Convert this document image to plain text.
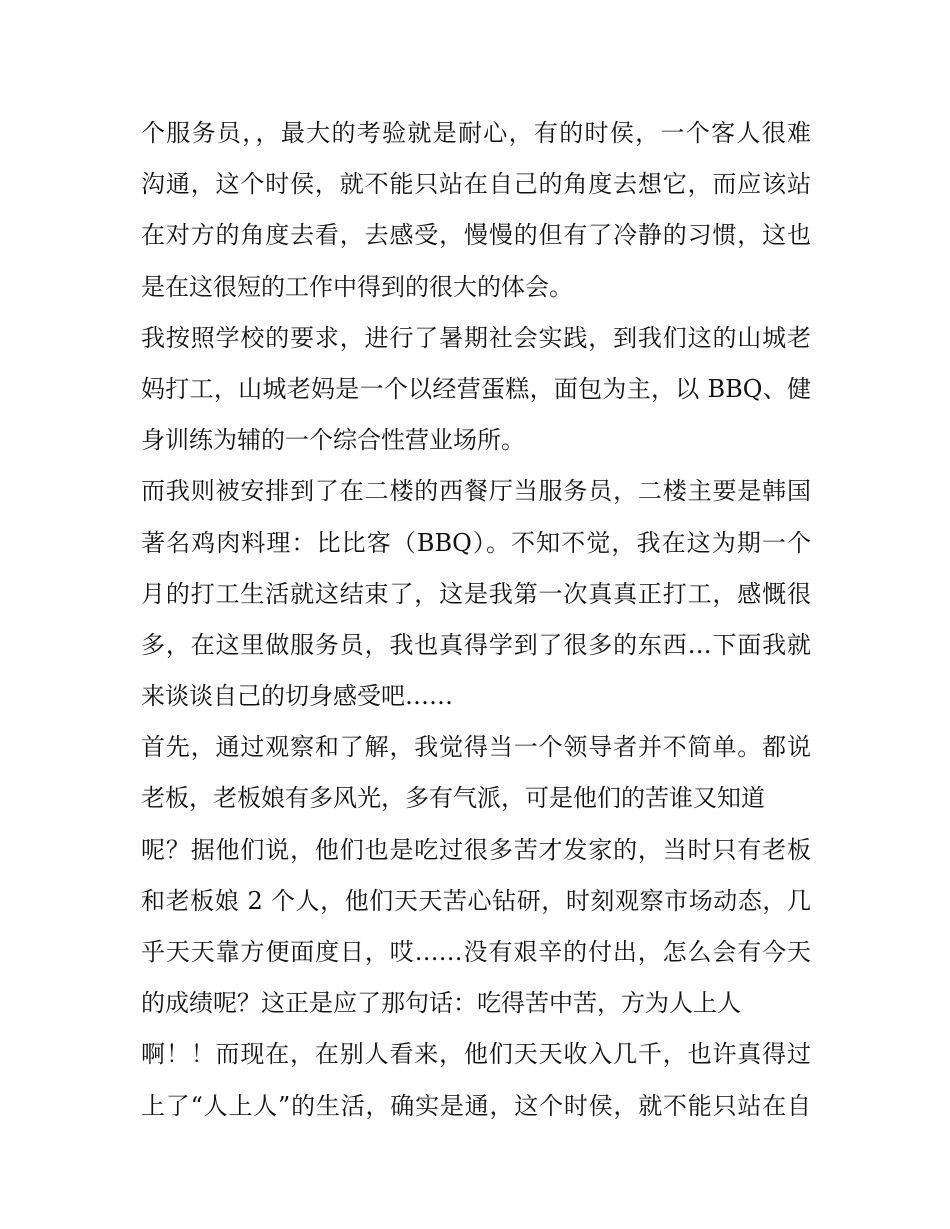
个服务员，，最大的考验就是耐心，有的时侯，一个客人很难
沟通，这个时侯，就不能只站在自己的角度去想它，而应该站
在对方的角度去看，去感受，慢慢的但有了冷静的习惯，这也
是在这很短的工作中得到的很大的体会。
我按照学校的要求，进行了暑期社会实践，到我们这的山城老
妈打工，山城老妈是一个以经营蛋糕，面包为主，以 BBQ、健
身训练为辅的一个综合性营业场所。
而我则被安排到了在二楼的西餐厅当服务员，二楼主要是韩国
著名鸡肉料理：比比客（BBQ）。不知不觉，我在这为期一个
月的打工生活就这结束了，这是我第一次真真正打工，感慨很
多，在这里做服务员，我也真得学到了很多的东西…下面我就
来谈谈自己的切身感受吧……
首先，通过观察和了解，我觉得当一个领导者并不简单。都说
老板，老板娘有多风光，多有气派，可是他们的苦谁又知道
呢？据他们说，他们也是吃过很多苦才发家的，当时只有老板
和老板娘 2 个人，他们天天苦心钻研，时刻观察市场动态，几
乎天天靠方便面度日，哎……没有艰辛的付出，怎么会有今天
的成绩呢？这正是应了那句话：吃得苦中苦，方为人上人
啊！！而现在，在别人看来，他们天天收入几千，也许真得过
上了“人上人”的生活，确实是通，这个时侯，就不能只站在自
